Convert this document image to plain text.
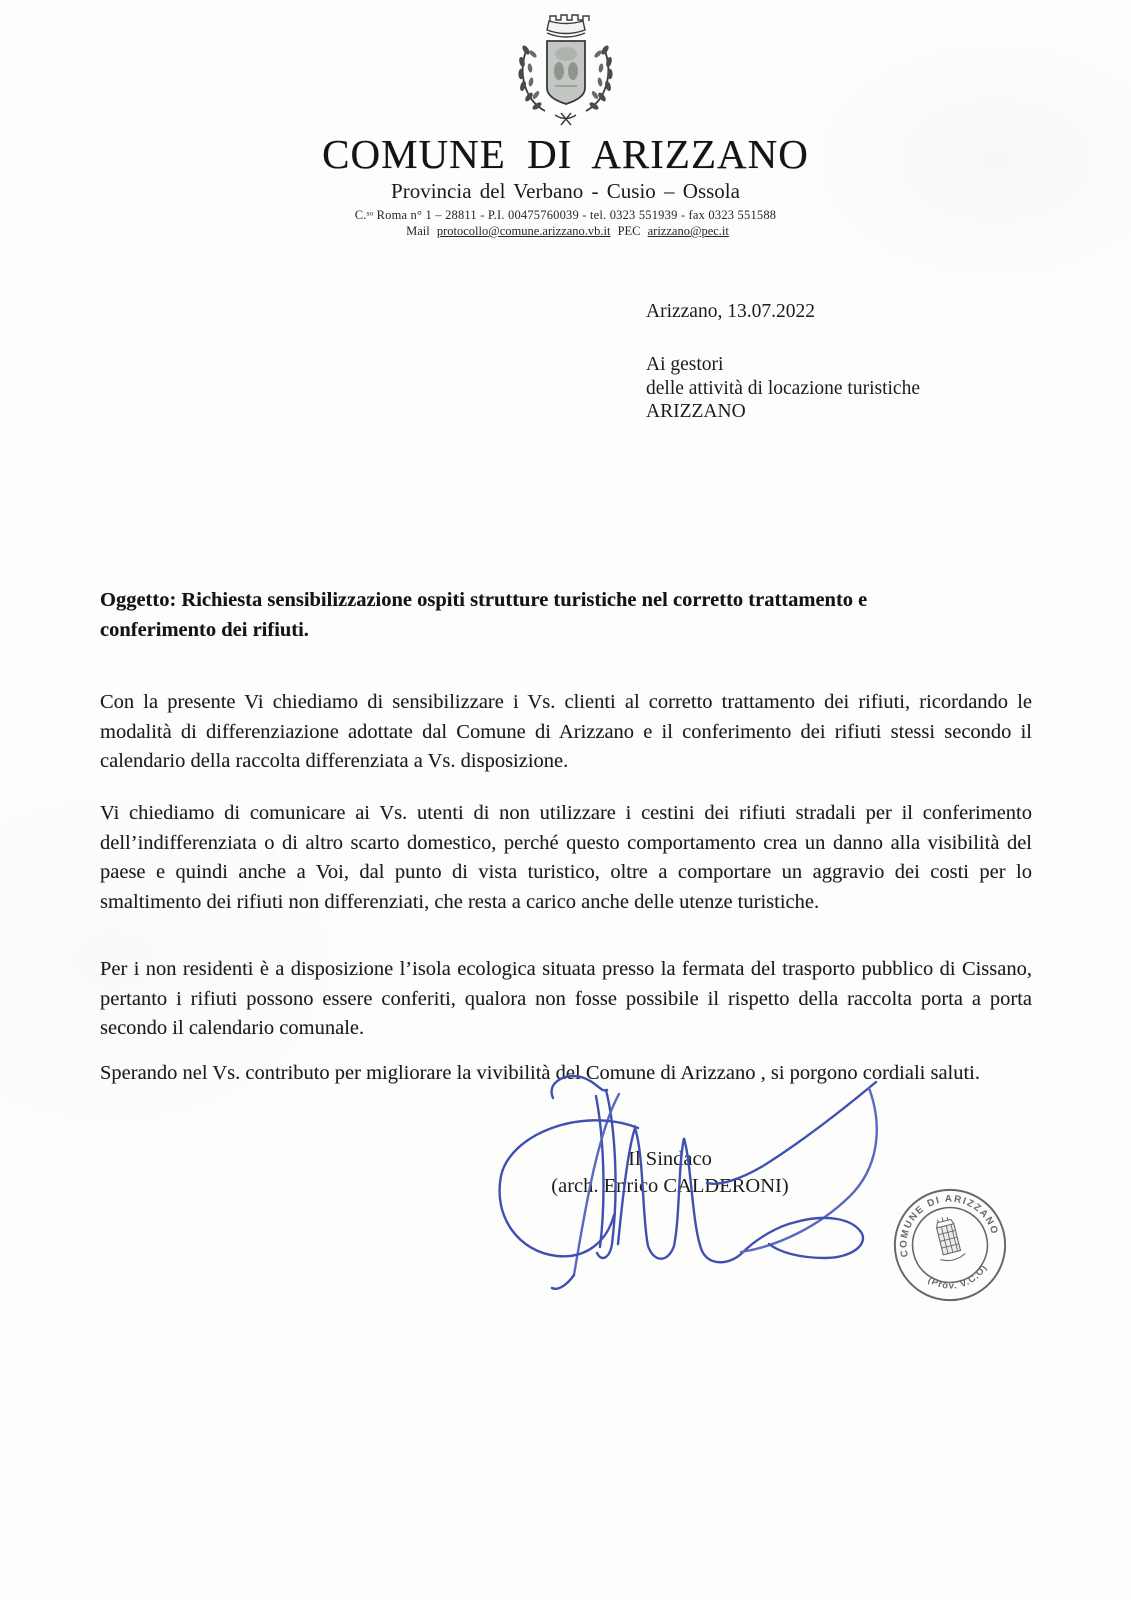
COMUNE DI ARIZZANO
Provincia del Verbano - Cusio – Ossola
C.ˢᵒ Roma n° 1 – 28811 - P.I. 00475760039 - tel. 0323 551939 - fax 0323 551588
Mail protocollo@comune.arizzano.vb.it PEC arizzano@pec.it
Arizzano, 13.07.2022
Ai gestori
delle attività di locazione turistiche
ARIZZANO
Oggetto: Richiesta sensibilizzazione ospiti strutture turistiche nel corretto trattamento e
conferimento dei rifiuti.

Con la presente Vi chiediamo di sensibilizzare i Vs. clienti al corretto trattamento dei rifiuti, ricordando le modalità di differenziazione adottate dal Comune di Arizzano e il conferimento dei rifiuti stessi secondo il calendario della raccolta differenziata a Vs. disposizione.

Vi chiediamo di comunicare ai Vs. utenti di non utilizzare i cestini dei rifiuti stradali per il conferimento dell’indifferenziata o di altro scarto domestico, perché questo comportamento crea un danno alla visibilità del paese e quindi anche a Voi, dal punto di vista turistico, oltre a comportare un aggravio dei costi per lo smaltimento dei rifiuti non differenziati, che resta a carico anche delle utenze turistiche.

Per i non residenti è a disposizione l’isola ecologica situata presso la fermata del trasporto pubblico di Cissano, pertanto i rifiuti possono essere conferiti, qualora non fosse possibile il rispetto della raccolta porta a porta secondo il calendario comunale.

Sperando nel Vs. contributo per migliorare la vivibilità del Comune di Arizzano , si porgono cordiali saluti.

Il Sindaco
(arch. Enrico CALDERONI)
COMUNE DI ARIZZANO
(Prov. V.C.O)
